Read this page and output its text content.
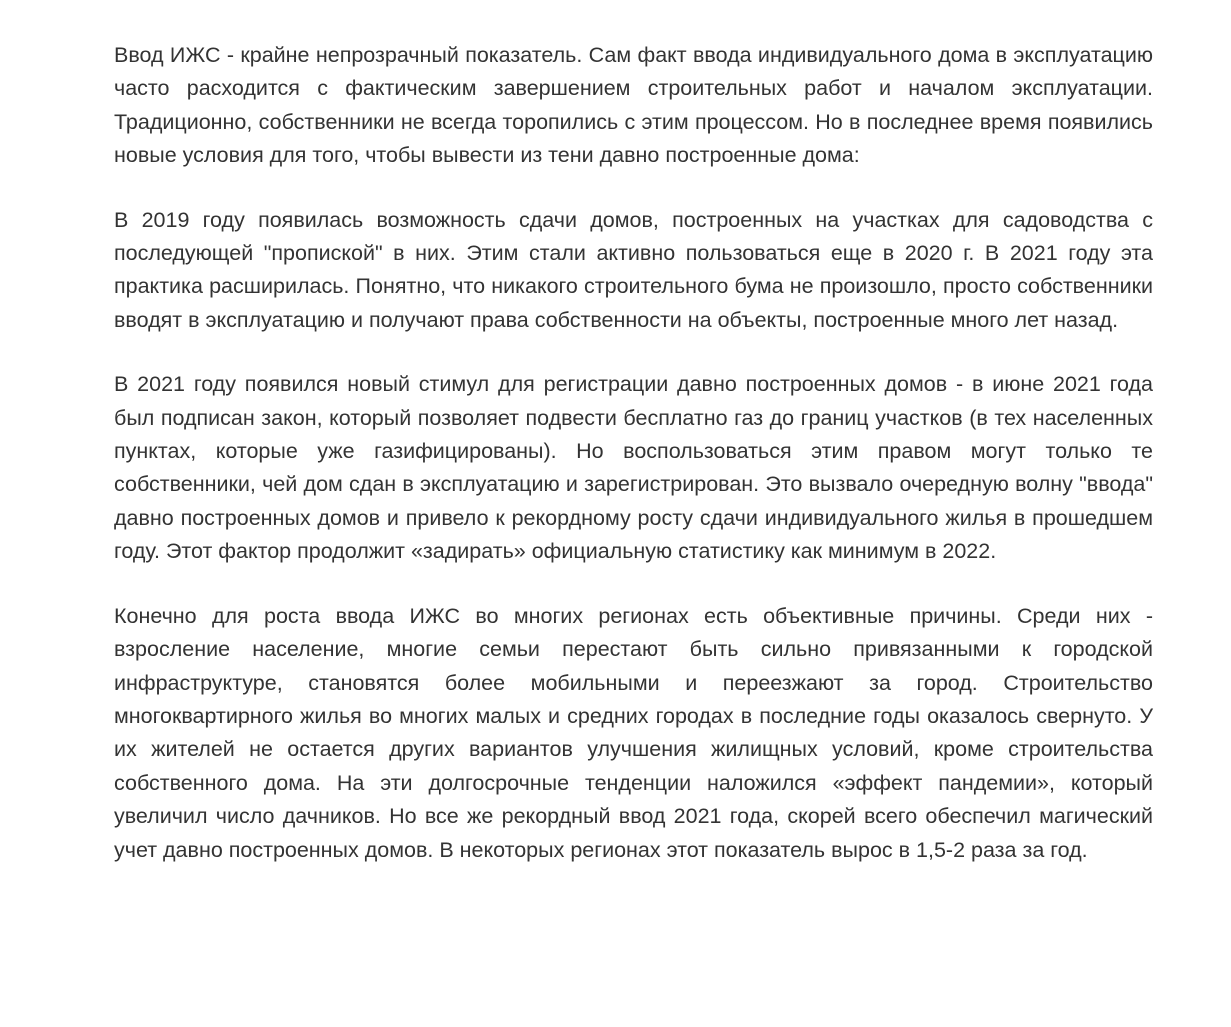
Ввод ИЖС - крайне непрозрачный показатель. Сам факт ввода индивидуального дома в эксплуатацию часто расходится с фактическим завершением строительных работ и началом эксплуатации. Традиционно, собственники не всегда торопились с этим процессом. Но в последнее время появились новые условия для того, чтобы вывести из тени давно построенные дома:

В 2019 году появилась возможность сдачи домов, построенных на участках для садоводства с последующей "пропиской" в них. Этим стали активно пользоваться еще в 2020 г. В 2021 году эта практика расширилась. Понятно, что никакого строительного бума не произошло, просто собственники вводят в эксплуатацию и получают права собственности на объекты, построенные много лет назад.

В 2021 году появился новый стимул для регистрации давно построенных домов - в июне 2021 года был подписан закон, который позволяет подвести бесплатно газ до границ участков (в тех населенных пунктах, которые уже газифицированы). Но воспользоваться этим правом могут только те собственники, чей дом сдан в эксплуатацию и зарегистрирован. Это вызвало очередную волну "ввода" давно построенных домов и привело к рекордному росту сдачи индивидуального жилья в прошедшем году. Этот фактор продолжит «задирать» официальную статистику как минимум в 2022.

Конечно для роста ввода ИЖС во многих регионах есть объективные причины. Среди них - взросление население, многие семьи перестают быть сильно привязанными к городской инфраструктуре, становятся более мобильными и переезжают за город. Строительство многоквартирного жилья во многих малых и средних городах в последние годы оказалось свернуто. У их жителей не остается других вариантов улучшения жилищных условий, кроме строительства собственного дома. На эти долгосрочные тенденции наложился «эффект пандемии», который увеличил число дачников. Но все же рекордный ввод 2021 года, скорей всего обеспечил магический учет давно построенных домов. В некоторых регионах этот показатель вырос в 1,5-2 раза за год.
